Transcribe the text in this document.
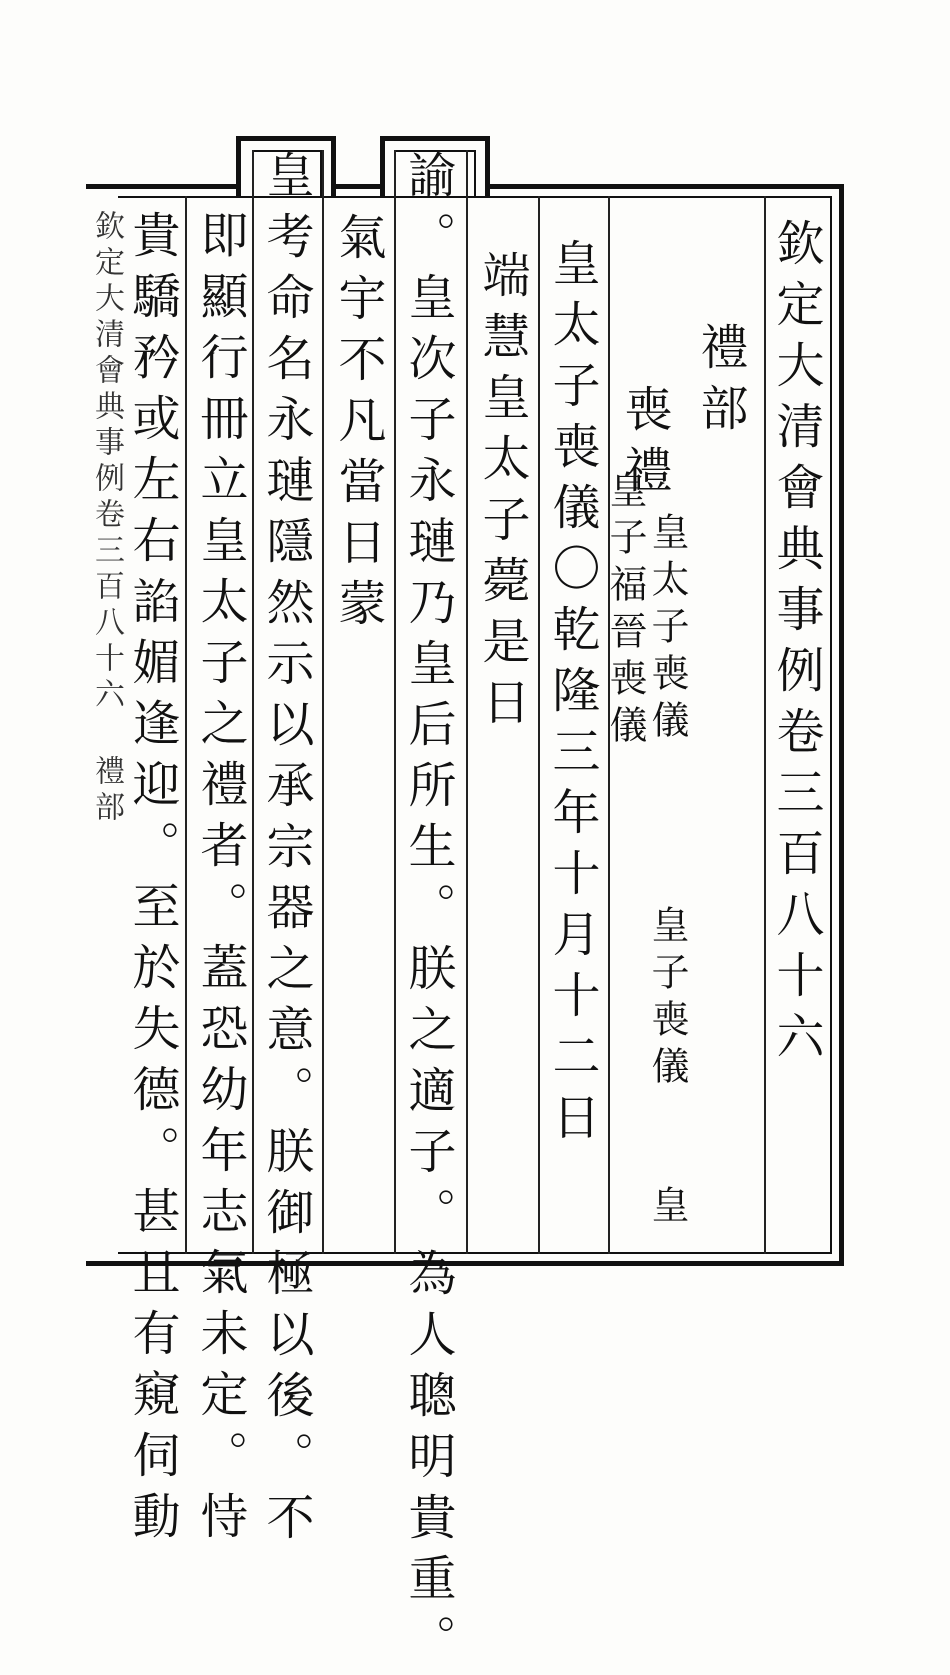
欽定大清會典事例卷三百八十六
禮部
喪禮
皇太子喪儀
皇子喪儀
皇子福晉喪儀
皇
皇太子喪儀〇乾隆三年十月十二日
端慧皇太子薨是日
諭。皇次子永璉乃皇后所生。朕之適子。為人聰明貴重。
氣宇不凡當日蒙
皇考命名永璉隱然示以承宗器之意。朕御極以後。不
即顯行冊立皇太子之禮者。蓋恐幼年志氣未定。恃
貴驕矜或左右諂媚逢迎。至於失德。甚且有窺伺動
欽定大清會典事例卷三百八十六 禮部
